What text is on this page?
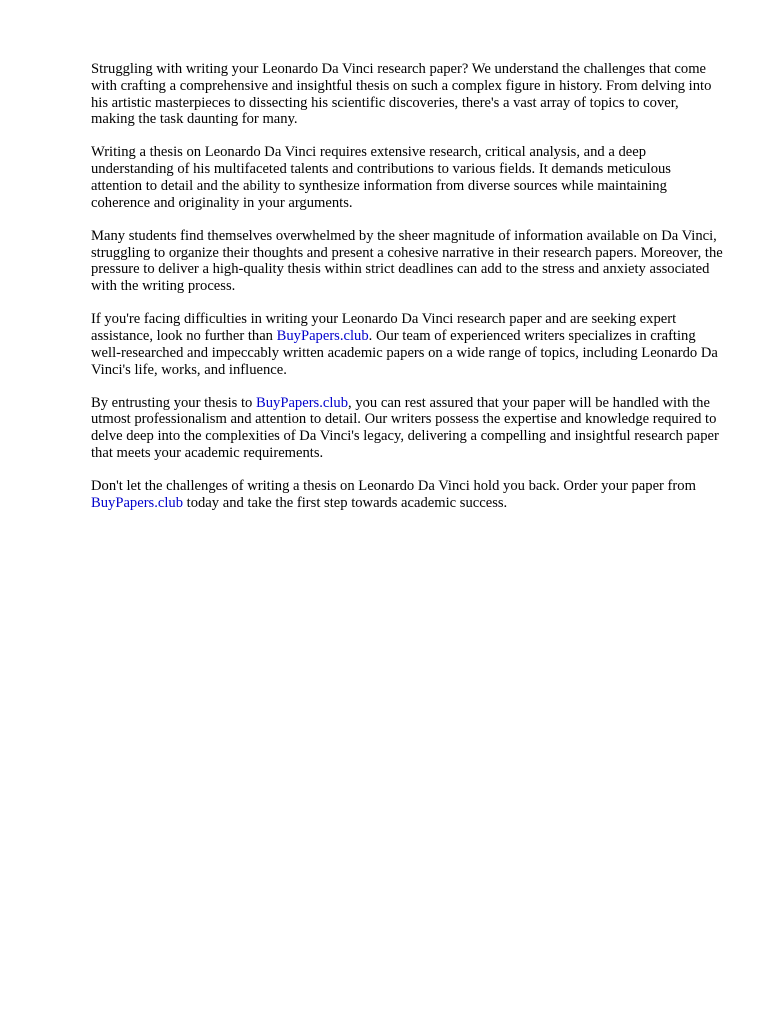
Struggling with writing your Leonardo Da Vinci research paper? We understand the challenges that come with crafting a comprehensive and insightful thesis on such a complex figure in history. From delving into his artistic masterpieces to dissecting his scientific discoveries, there's a vast array of topics to cover, making the task daunting for many.

Writing a thesis on Leonardo Da Vinci requires extensive research, critical analysis, and a deep understanding of his multifaceted talents and contributions to various fields. It demands meticulous attention to detail and the ability to synthesize information from diverse sources while maintaining coherence and originality in your arguments.

Many students find themselves overwhelmed by the sheer magnitude of information available on Da Vinci, struggling to organize their thoughts and present a cohesive narrative in their research papers. Moreover, the pressure to deliver a high-quality thesis within strict deadlines can add to the stress and anxiety associated with the writing process.

If you're facing difficulties in writing your Leonardo Da Vinci research paper and are seeking expert assistance, look no further than BuyPapers.club. Our team of experienced writers specializes in crafting well-researched and impeccably written academic papers on a wide range of topics, including Leonardo Da Vinci's life, works, and influence.

By entrusting your thesis to BuyPapers.club, you can rest assured that your paper will be handled with the utmost professionalism and attention to detail. Our writers possess the expertise and knowledge required to delve deep into the complexities of Da Vinci's legacy, delivering a compelling and insightful research paper that meets your academic requirements.

Don't let the challenges of writing a thesis on Leonardo Da Vinci hold you back. Order your paper from BuyPapers.club today and take the first step towards academic success.
